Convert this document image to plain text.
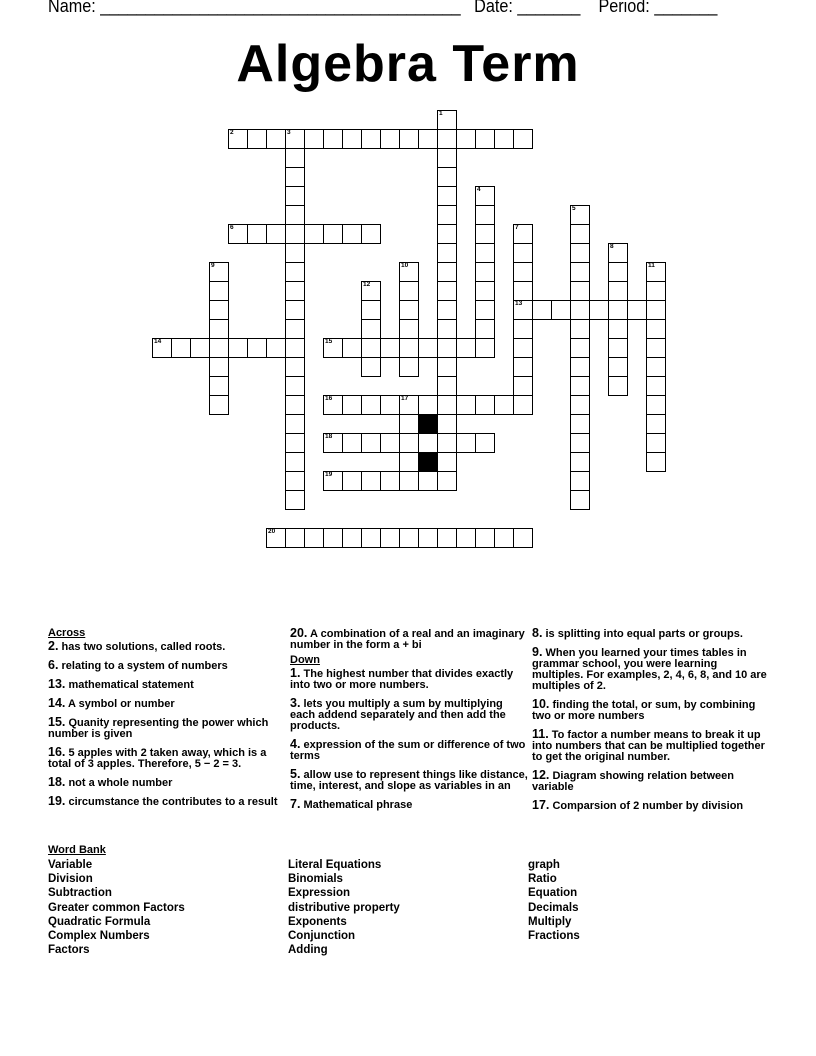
Name: ________________________________________ Date: _______ Period: _______
Algebra Term
1
2	3
4
5
6	7
13
8
9	10	11
12
14	15
16	17
18
19
20
Across
2. has two solutions, called roots.
6. relating to a system of numbers
13. mathematical statement
14. A symbol or number
15. Quanity representing the power which number is given
16. 5 apples with 2 taken away, which is a total of 3 apples. Therefore, 5 − 2 = 3.
18. not a whole number
19. circumstance the contributes to a result
20. A combination of a real and an imaginary number in the form a + bi
Down
1. The highest number that divides exactly into two or more numbers.
3. lets you multiply a sum by multiplying each addend separately and then add the products.
4. expression of the sum or difference of two terms
5. allow use to represent things like distance, time, interest, and slope as variables in an
7. Mathematical phrase
8. is splitting into equal parts or groups.
9. When you learned your times tables in grammar school, you were learning multiples. For examples, 2, 4, 6, 8, and 10 are multiples of 2.
10. finding the total, or sum, by combining two or more numbers
11. To factor a number means to break it up into numbers that can be multiplied together to get the original number.
12. Diagram showing relation between variable
17. Comparsion of 2 number by division
Word Bank
Variable
Division
Subtraction
Greater common Factors
Quadratic Formula
Complex Numbers
Factors
Literal Equations
Binomials
Expression
distributive property
Exponents
Conjunction
Adding
graph
Ratio
Equation
Decimals
Multiply
Fractions
